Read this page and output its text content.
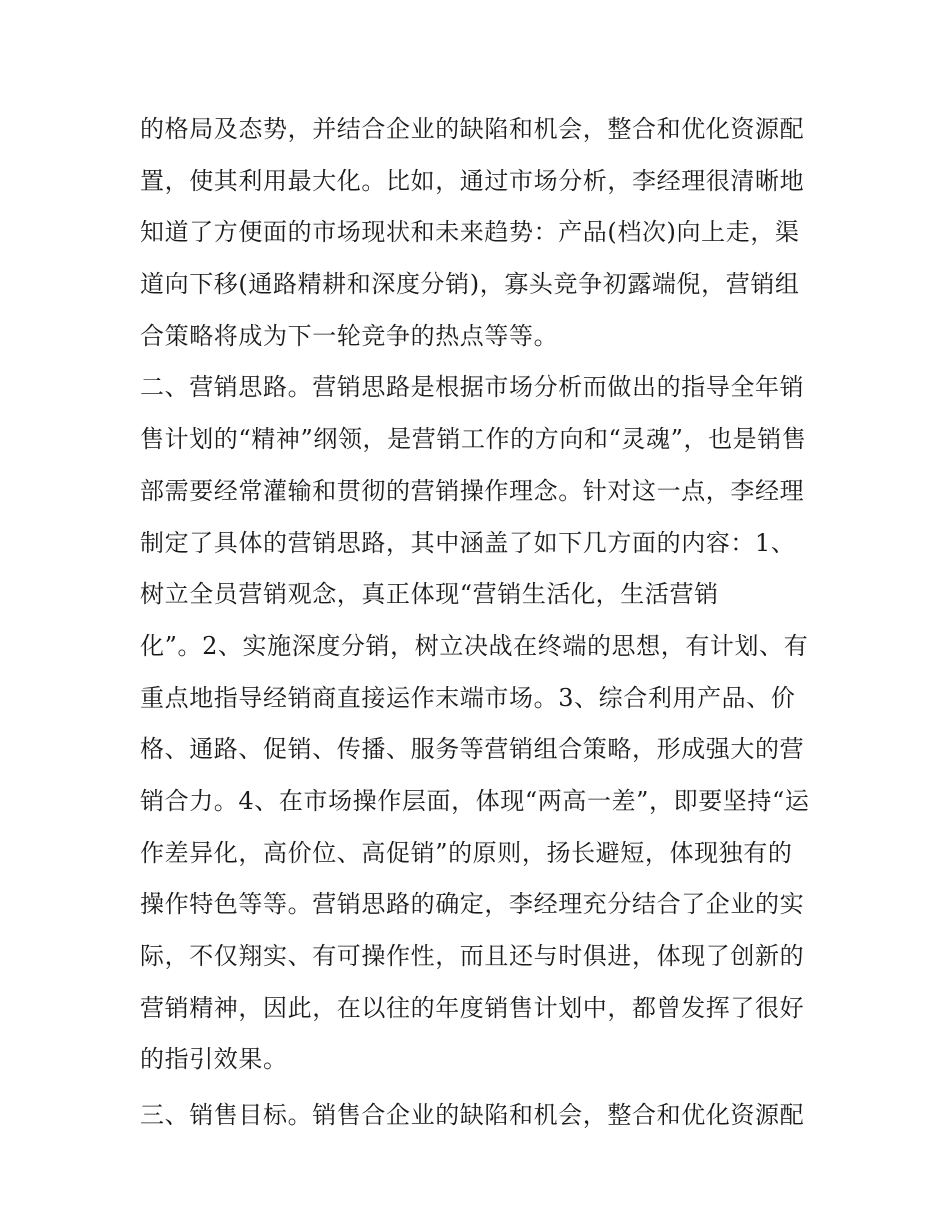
的格局及态势，并结合企业的缺陷和机会，整合和优化资源配
置，使其利用最大化。比如，通过市场分析，李经理很清晰地
知道了方便面的市场现状和未来趋势：产品(档次)向上走，渠
道向下移(通路精耕和深度分销)，寡头竞争初露端倪，营销组
合策略将成为下一轮竞争的热点等等。
二、营销思路。营销思路是根据市场分析而做出的指导全年销
售计划的“精神”纲领，是营销工作的方向和“灵魂”，也是销售
部需要经常灌输和贯彻的营销操作理念。针对这一点，李经理
制定了具体的营销思路，其中涵盖了如下几方面的内容：1、
树立全员营销观念，真正体现“营销生活化，生活营销
化”。2、实施深度分销，树立决战在终端的思想，有计划、有
重点地指导经销商直接运作末端市场。3、综合利用产品、价
格、通路、促销、传播、服务等营销组合策略，形成强大的营
销合力。4、在市场操作层面，体现“两高一差”，即要坚持“运
作差异化，高价位、高促销”的原则，扬长避短，体现独有的
操作特色等等。营销思路的确定，李经理充分结合了企业的实
际，不仅翔实、有可操作性，而且还与时俱进，体现了创新的
营销精神，因此，在以往的年度销售计划中，都曾发挥了很好
的指引效果。
三、销售目标。销售合企业的缺陷和机会，整合和优化资源配
